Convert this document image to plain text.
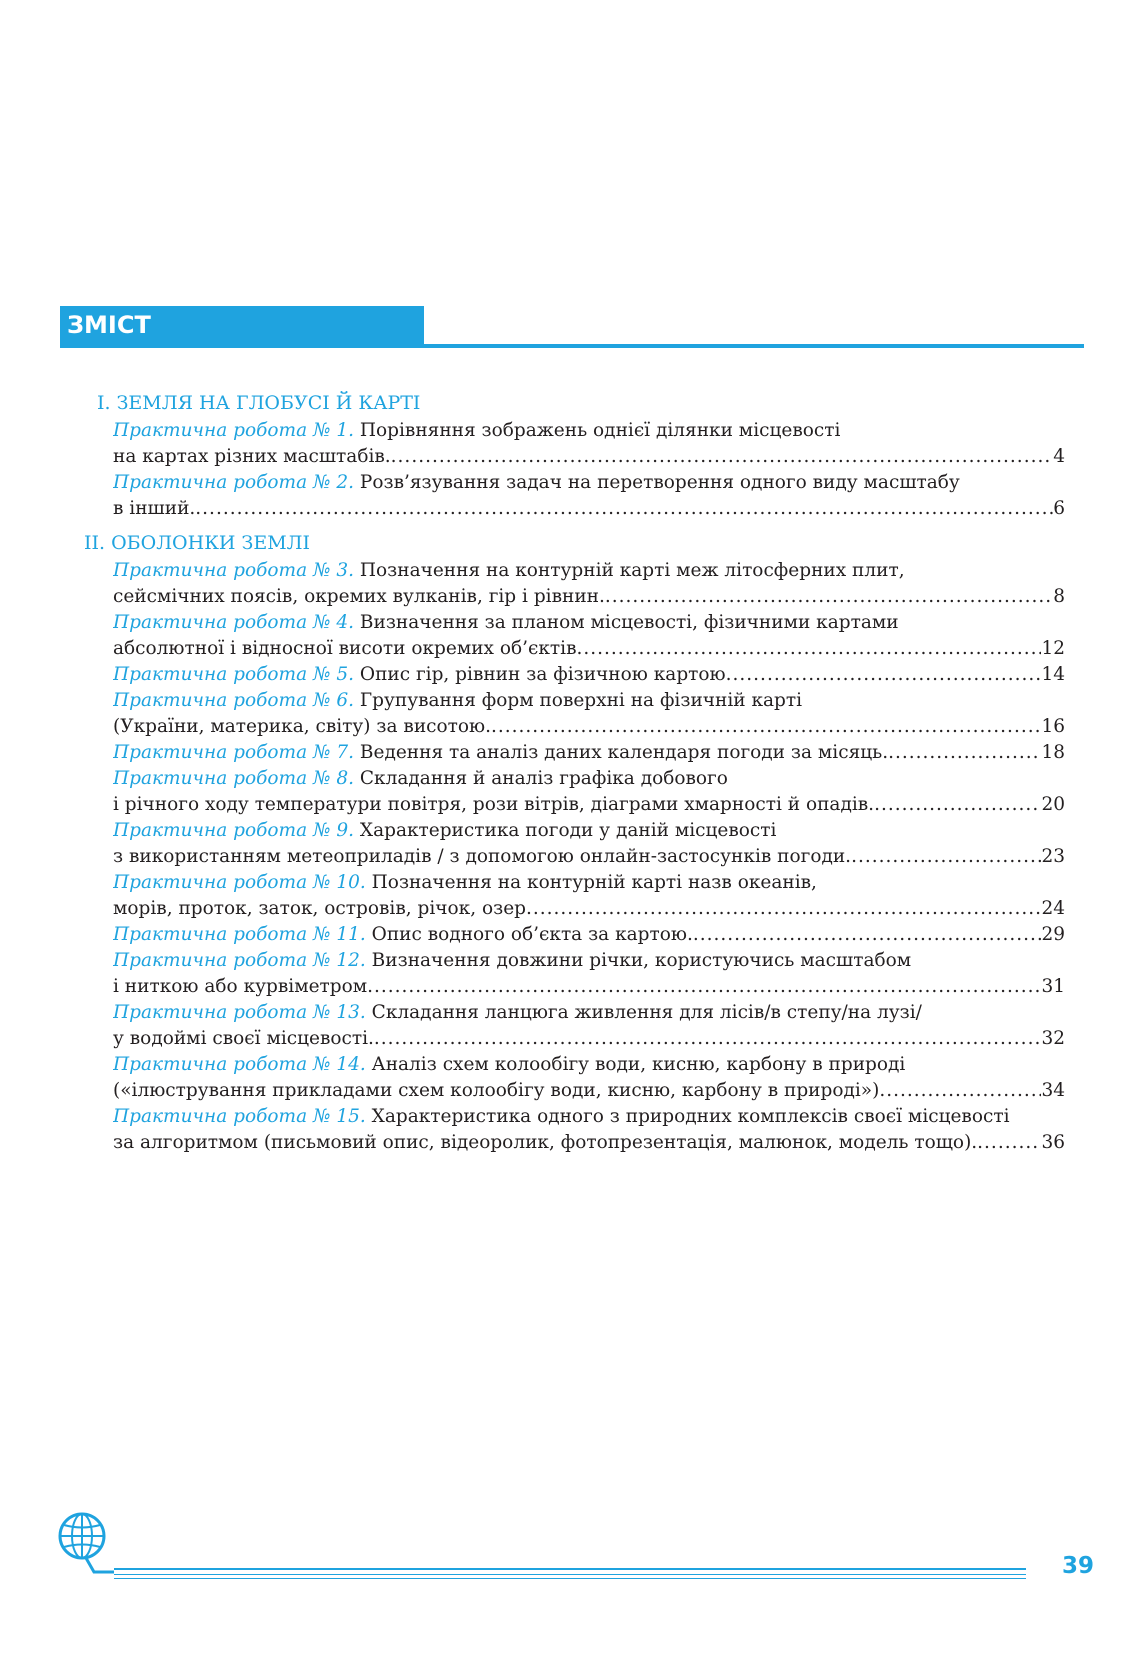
ЗМІСТ
І. ЗЕМЛЯ НА ГЛОБУСІ Й КАРТІ
Практична робота № 1. Порівняння зображень однієї ділянки місцевості
на картах різних масштабів. .....	4
Практична робота № 2. Розв’язування задач на перетворення одного виду масштабу
в інший. .....	6
ІІ. ОБОЛОНКИ ЗЕМЛІ
Практична робота № 3. Позначення на контурній карті меж літосферних плит,
сейсмічних поясів, окремих вулканів, гір і рівнин. .....	8
Практична робота № 4. Визначення за планом місцевості, фізичними картами
абсолютної і відносної висоти окремих об’єктів .....	12
Практична робота № 5. Опис гір, рівнин за фізичною картою .....	14
Практична робота № 6. Групування форм поверхні на фізичній карті
(України, материка, світу) за висотою. .....	16
Практична робота № 7. Ведення та аналіз даних календаря погоди за місяць. .....	18
Практична робота № 8. Складання й аналіз графіка добового
і річного ходу температури повітря, рози вітрів, діаграми хмарності й опадів. .....	20
Практична робота № 9. Характеристика погоди у даній місцевості
з використанням метеоприладів / з допомогою онлайн-застосунків погоди. .....	23
Практична робота № 10. Позначення на контурній карті назв океанів,
морів, проток, заток, островів, річок, озер .....	24
Практична робота № 11. Опис водного об’єкта за картою. .....	29
Практична робота № 12. Визначення довжини річки, користуючись масштабом
і ниткою або курвіметром .....	31
Практична робота № 13. Складання ланцюга живлення для лісів/в степу/на лузі/
у водоймі своєї місцевості. .....	32
Практична робота № 14. Аналіз схем колообігу води, кисню, карбону в природі
(«ілюстрування прикладами схем колообігу води, кисню, карбону в природі») .....	34
Практична робота № 15. Характеристика одного з природних комплексів своєї місцевості
за алгоритмом (письмовий опис, відеоролик, фотопрезентація, малюнок, модель тощо). .....	36
39
